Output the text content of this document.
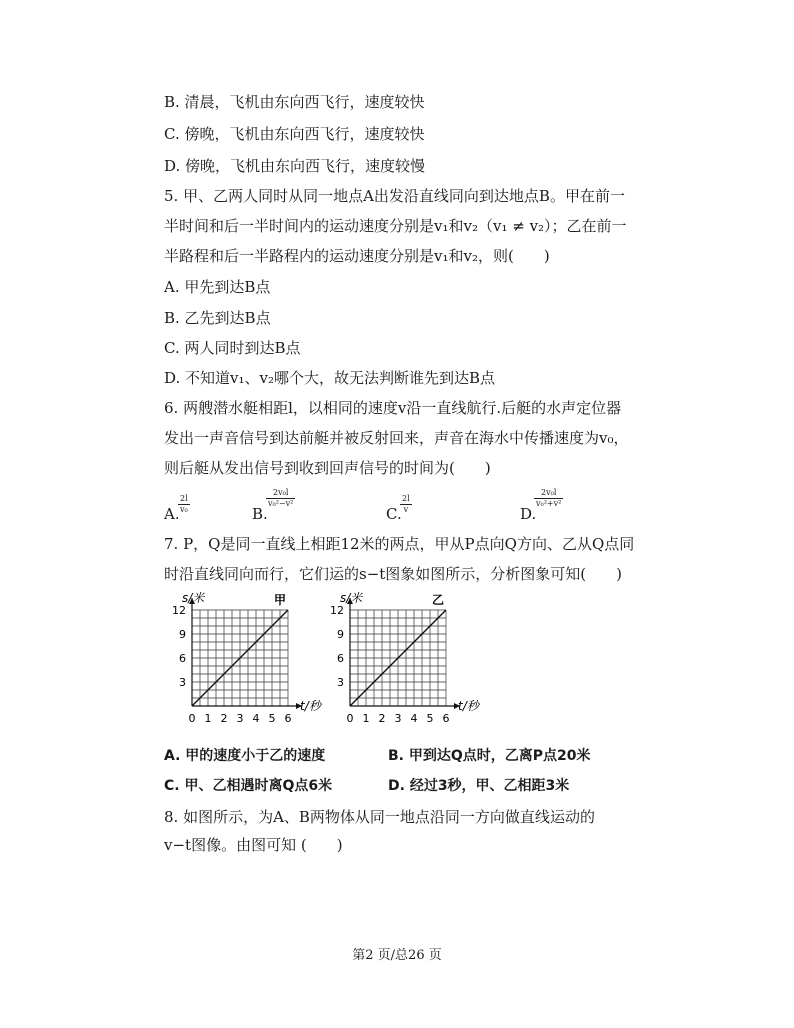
B. 清晨，飞机由东向西飞行，速度较快
C. 傍晚，飞机由东向西飞行，速度较快
D. 傍晚，飞机由东向西飞行，速度较慢
5. 甲、乙两人同时从同一地点A出发沿直线同向到达地点B。甲在前一
半时间和后一半时间内的运动速度分别是v₁和v₂（v₁ ≠ v₂）；乙在前一
半路程和后一半路程内的运动速度分别是v₁和v₂，则(　　)
A. 甲先到达B点
B. 乙先到达B点
C. 两人同时到达B点
D. 不知道v₁、v₂哪个大，故无法判断谁先到达B点
6. 两艘潜水艇相距l，以相同的速度v沿一直线航行.后艇的水声定位器
发出一声音信号到达前艇并被反射回来，声音在海水中传播速度为v₀，
则后艇从发出信号到收到回声信号的时间为(　　)
A.
$\frac{2l}{\text{v₀}}$	B.
$\frac{\text{2v₀l}}{\text{v₀²−v²}}$
C.
$\frac{2l}{v}$	D.
$\frac{\text{2v₀l}}{\text{v₀²+v²}}$
7. P，Q是同一直线上相距12米的两点，甲从P点向Q方向、乙从Q点同
时沿直线同向而行，它们运的s−t图象如图所示，分析图象可知(　　)
s/米
t/秒
0 1 2 3 4 5 6
3
6
9
12
甲	s/米
t/秒
0 1 2 3 4 5 6
3
6
9
12
乙
A. 甲的速度小于乙的速度	B. 甲到达Q点时，乙离P点20米
C. 甲、乙相遇时离Q点6米	D. 经过3秒，甲、乙相距3米
8. 如图所示，为A、B两物体从同一地点沿同一方向做直线运动的
v−t图像。由图可知 (　　)
第2 页/总26 页
